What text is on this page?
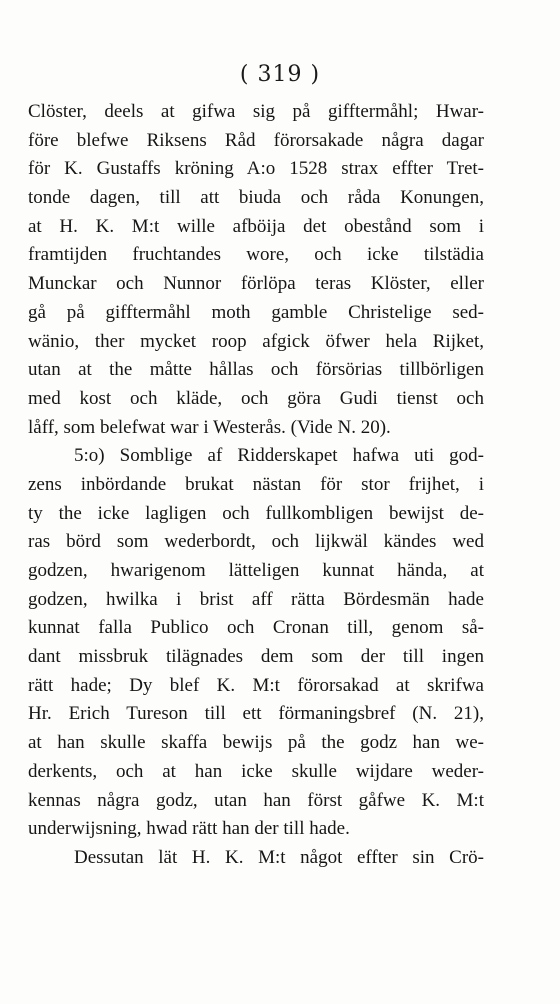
( 319 )
Clöster, deels at gifwa sig på gifftermåhl; Hwar-
före blefwe Riksens Råd förorsakade några dagar
för K. Gustaffs kröning A:o 1528 strax effter Tret-
tonde dagen, till att biuda och råda Konungen,
at H. K. M:t wille afböija det obestånd som i
framtijden fruchtandes wore, och icke tilstädia
Munckar och Nunnor förlöpa teras Klöster, eller
gå på gifftermåhl moth gamble Christelige sed-
wänio, ther mycket roop afgick öfwer hela Rijket,
utan at the måtte hållas och försörias tillbörligen
med kost och kläde, och göra Gudi tienst och
låff, som belefwat war i Westerås. (Vide N. 20).
5:o) Somblige af Ridderskapet hafwa uti god-
zens inbördande brukat nästan för stor frijhet, i
ty the icke lagligen och fullkombligen bewijst de-
ras börd som wederbordt, och lijkwäl kändes wed
godzen, hwarigenom lätteligen kunnat hända, at
godzen, hwilka i brist aff rätta Bördesmän hade
kunnat falla Publico och Cronan till, genom så-
dant missbruk tilägnades dem som der till ingen
rätt hade; Dy blef K. M:t förorsakad at skrifwa
Hr. Erich Tureson till ett förmaningsbref (N. 21),
at han skulle skaffa bewijs på the godz han we-
derkents, och at han icke skulle wijdare weder-
kennas några godz, utan han först gåfwe K. M:t
underwijsning, hwad rätt han der till hade.
Dessutan lät H. K. M:t något effter sin Crö-
